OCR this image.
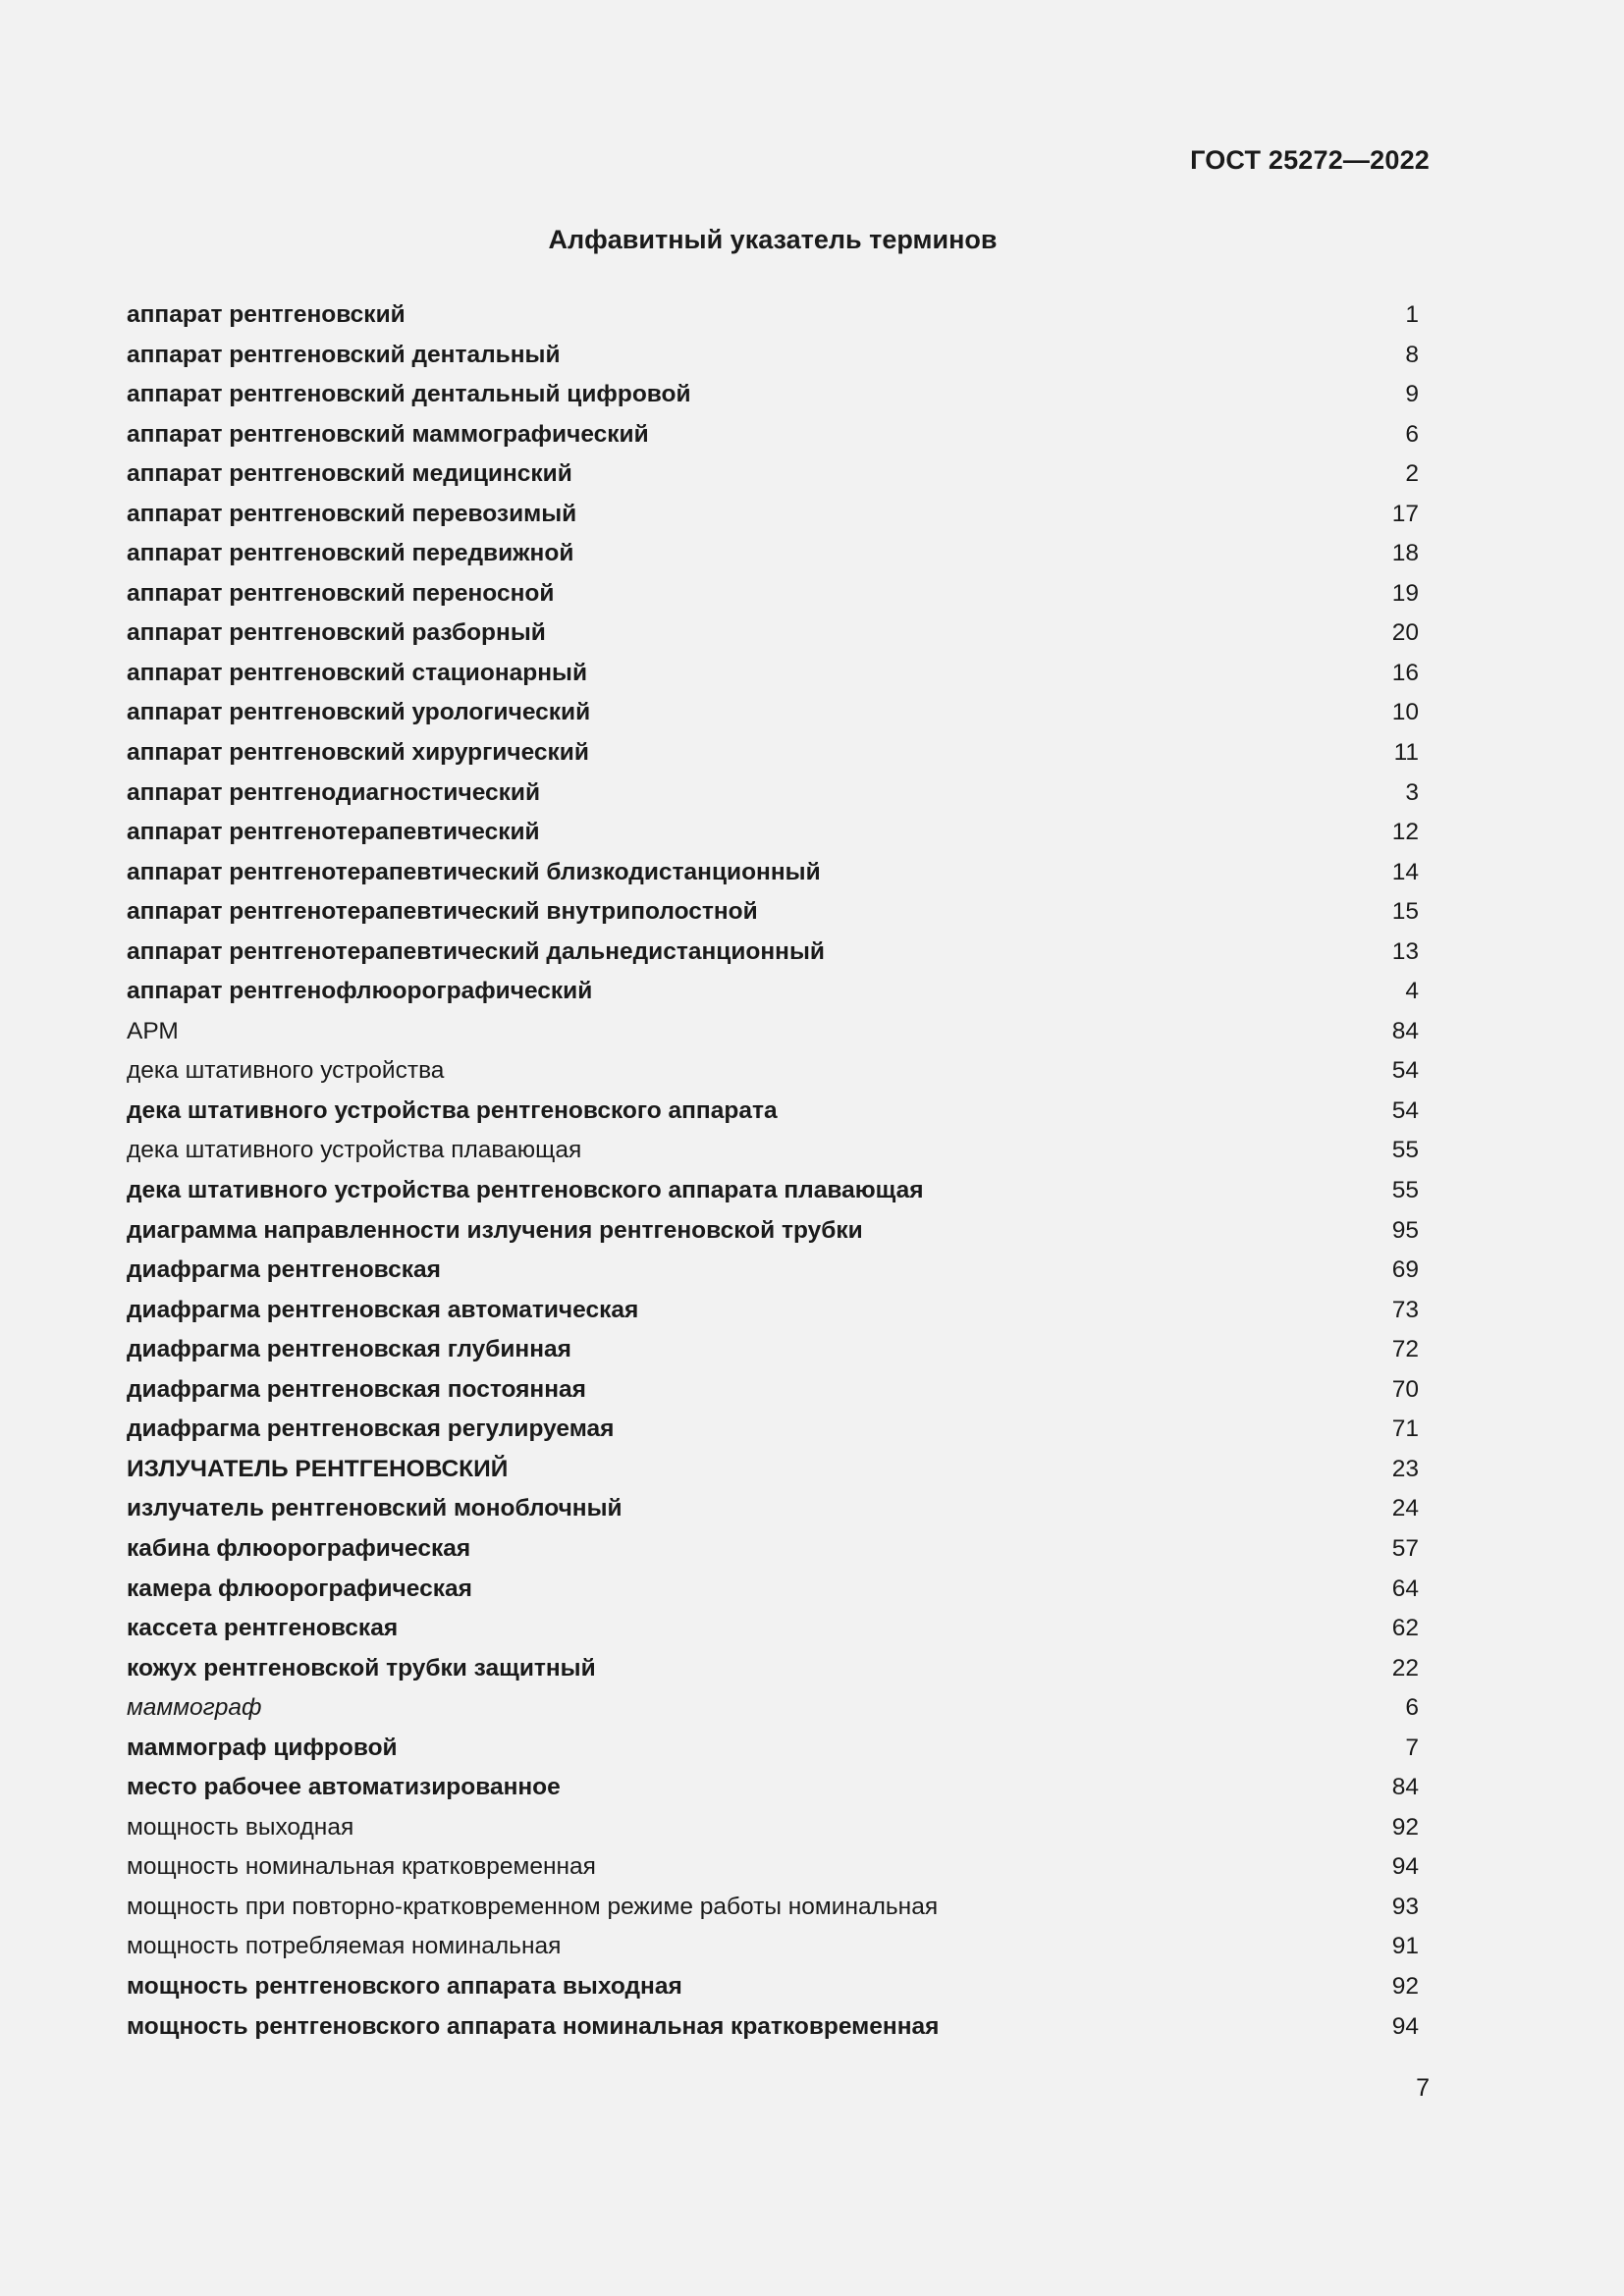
ГОСТ 25272—2022
Алфавитный указатель терминов
аппарат рентгеновский	1
аппарат рентгеновский дентальный	8
аппарат рентгеновский дентальный цифровой	9
аппарат рентгеновский маммографический	6
аппарат рентгеновский медицинский	2
аппарат рентгеновский перевозимый	17
аппарат рентгеновский передвижной	18
аппарат рентгеновский переносной	19
аппарат рентгеновский разборный	20
аппарат рентгеновский стационарный	16
аппарат рентгеновский урологический	10
аппарат рентгеновский хирургический	11
аппарат рентгенодиагностический	3
аппарат рентгенотерапевтический	12
аппарат рентгенотерапевтический близкодистанционный	14
аппарат рентгенотерапевтический внутриполостной	15
аппарат рентгенотерапевтический дальнедистанционный	13
аппарат рентгенофлюорографический	4
АРМ	84
дека штативного устройства	54
дека штативного устройства рентгеновского аппарата	54
дека штативного устройства плавающая	55
дека штативного устройства рентгеновского аппарата плавающая	55
диаграмма направленности излучения рентгеновской трубки	95
диафрагма рентгеновская	69
диафрагма рентгеновская автоматическая	73
диафрагма рентгеновская глубинная	72
диафрагма рентгеновская постоянная	70
диафрагма рентгеновская регулируемая	71
ИЗЛУЧАТЕЛЬ РЕНТГЕНОВСКИЙ	23
излучатель рентгеновский моноблочный	24
кабина флюорографическая	57
камера флюорографическая	64
кассета рентгеновская	62
кожух рентгеновской трубки защитный	22
маммограф	6
маммограф цифровой	7
место рабочее автоматизированное	84
мощность выходная	92
мощность номинальная кратковременная	94
мощность при повторно-кратковременном режиме работы номинальная	93
мощность потребляемая номинальная	91
мощность рентгеновского аппарата выходная	92
мощность рентгеновского аппарата номинальная кратковременная	94
7
